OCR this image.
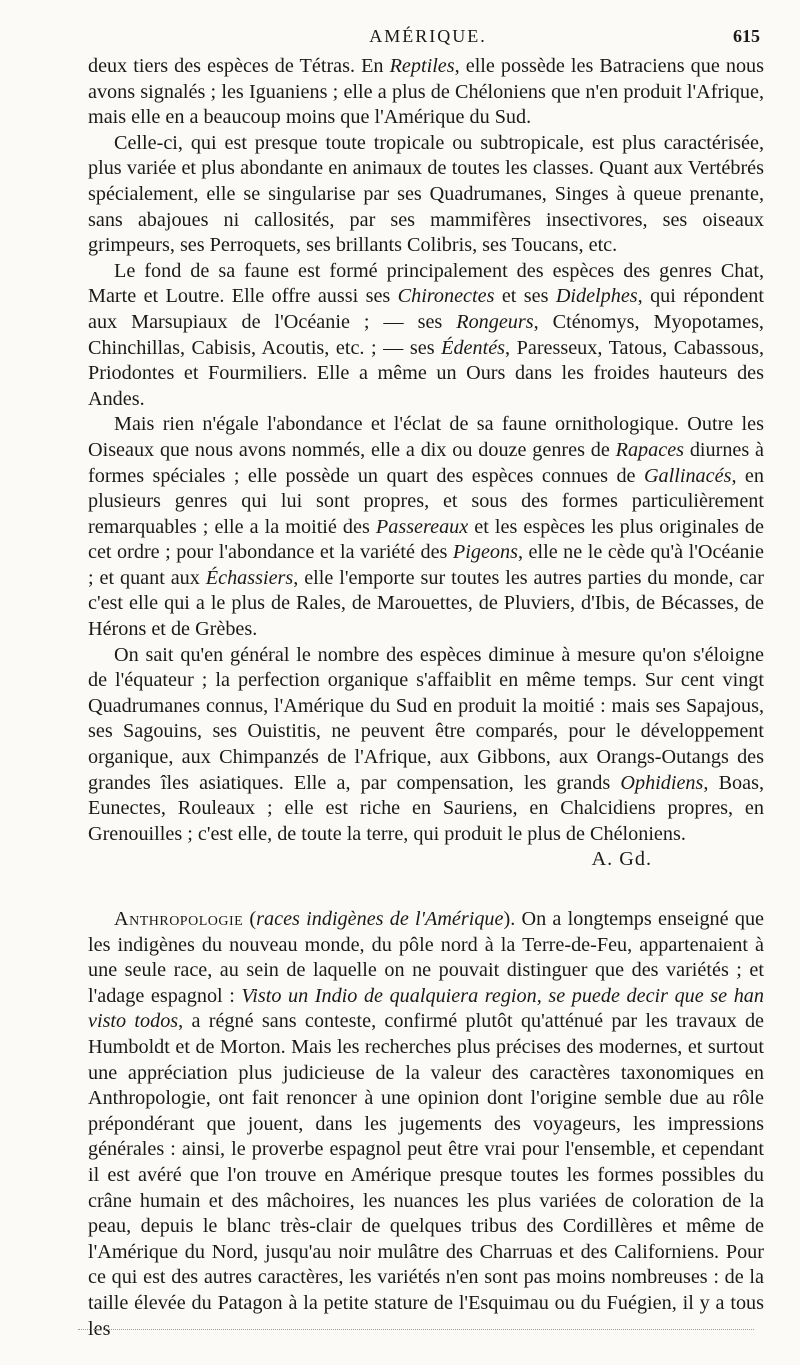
AMÉRIQUE.	615

deux tiers des espèces de Tétras. En Reptiles, elle possède les Batraciens que nous avons signalés ; les Iguaniens ; elle a plus de Chéloniens que n'en produit l'Afrique, mais elle en a beaucoup moins que l'Amérique du Sud.

Celle-ci, qui est presque toute tropicale ou subtropicale, est plus caractérisée, plus variée et plus abondante en animaux de toutes les classes. Quant aux Vertébrés spécialement, elle se singularise par ses Quadrumanes, Singes à queue prenante, sans abajoues ni callosités, par ses mammifères insectivores, ses oiseaux grimpeurs, ses Perroquets, ses brillants Colibris, ses Toucans, etc.

Le fond de sa faune est formé principalement des espèces des genres Chat, Marte et Loutre. Elle offre aussi ses Chironectes et ses Didelphes, qui répondent aux Marsupiaux de l'Océanie ; — ses Rongeurs, Cténomys, Myopotames, Chinchillas, Cabisis, Acoutis, etc. ; — ses Édentés, Paresseux, Tatous, Cabassous, Priodontes et Fourmiliers. Elle a même un Ours dans les froides hauteurs des Andes.

Mais rien n'égale l'abondance et l'éclat de sa faune ornithologique. Outre les Oiseaux que nous avons nommés, elle a dix ou douze genres de Rapaces diurnes à formes spéciales ; elle possède un quart des espèces connues de Gallinacés, en plusieurs genres qui lui sont propres, et sous des formes particulièrement remarquables ; elle a la moitié des Passereaux et les espèces les plus originales de cet ordre ; pour l'abondance et la variété des Pigeons, elle ne le cède qu'à l'Océanie ; et quant aux Échassiers, elle l'emporte sur toutes les autres parties du monde, car c'est elle qui a le plus de Rales, de Marouettes, de Pluviers, d'Ibis, de Bécasses, de Hérons et de Grèbes.

On sait qu'en général le nombre des espèces diminue à mesure qu'on s'éloigne de l'équateur ; la perfection organique s'affaiblit en même temps. Sur cent vingt Quadrumanes connus, l'Amérique du Sud en produit la moitié : mais ses Sapajous, ses Sagouins, ses Ouistitis, ne peuvent être comparés, pour le développement organique, aux Chimpanzés de l'Afrique, aux Gibbons, aux Orangs-Outangs des grandes îles asiatiques. Elle a, par compensation, les grands Ophidiens, Boas, Eunectes, Rouleaux ; elle est riche en Sauriens, en Chalcidiens propres, en Grenouilles ; c'est elle, de toute la terre, qui produit le plus de Chéloniens.

A. Gd.

Anthropologie (races indigènes de l'Amérique). On a longtemps enseigné que les indigènes du nouveau monde, du pôle nord à la Terre-de-Feu, appartenaient à une seule race, au sein de laquelle on ne pouvait distinguer que des variétés ; et l'adage espagnol : Visto un Indio de qualquiera region, se puede decir que se han visto todos, a régné sans conteste, confirmé plutôt qu'atténué par les travaux de Humboldt et de Morton. Mais les recherches plus précises des modernes, et surtout une appréciation plus judicieuse de la valeur des caractères taxonomiques en Anthropologie, ont fait renoncer à une opinion dont l'origine semble due au rôle prépondérant que jouent, dans les jugements des voyageurs, les impressions générales : ainsi, le proverbe espagnol peut être vrai pour l'ensemble, et cependant il est avéré que l'on trouve en Amérique presque toutes les formes possibles du crâne humain et des mâchoires, les nuances les plus variées de coloration de la peau, depuis le blanc très-clair de quelques tribus des Cordillères et même de l'Amérique du Nord, jusqu'au noir mulâtre des Charruas et des Californiens. Pour ce qui est des autres caractères, les variétés n'en sont pas moins nombreuses : de la taille élevée du Patagon à la petite stature de l'Esquimau ou du Fuégien, il y a tous les
